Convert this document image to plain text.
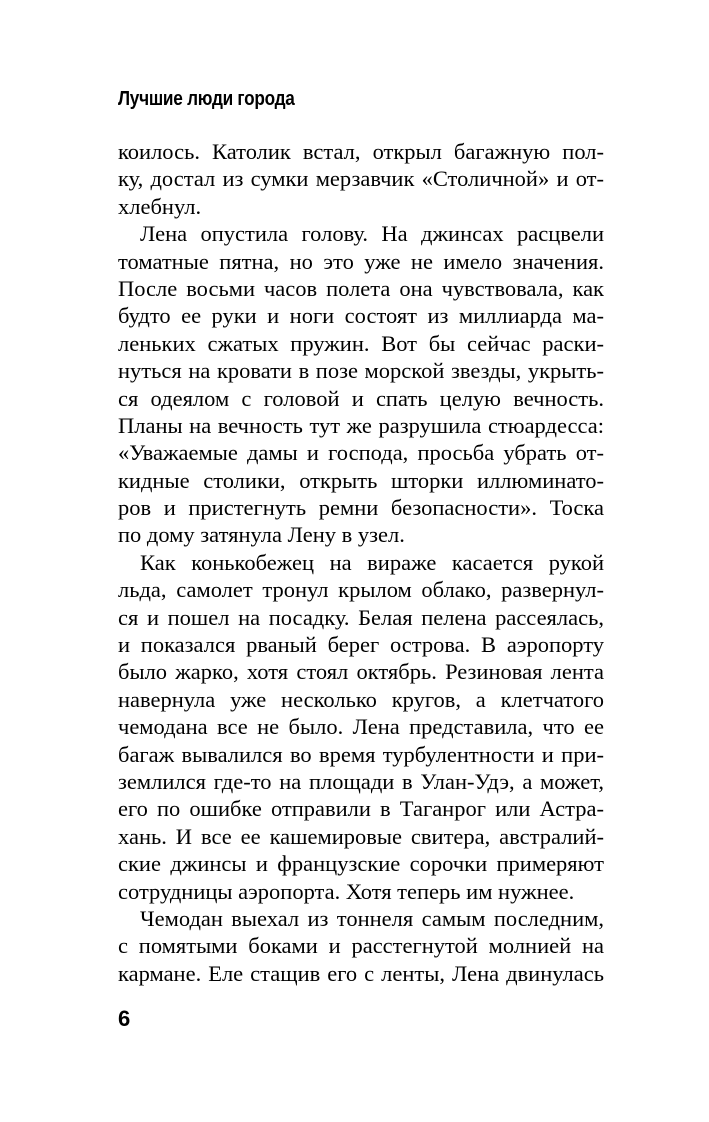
Лучшие люди города
коилось. Католик встал, открыл багажную пол-
ку, достал из сумки мерзавчик «Столичной» и от-
хлебнул.
Лена опустила голову. На джинсах расцвели
томатные пятна, но это уже не имело значения.
После восьми часов полета она чувствовала, как
будто ее руки и ноги состоят из миллиарда ма-
леньких сжатых пружин. Вот бы сейчас раски-
нуться на кровати в позе морской звезды, укрыть-
ся одеялом с головой и спать целую вечность.
Планы на вечность тут же разрушила стюардесса:
«Уважаемые дамы и господа, просьба убрать от-
кидные столики, открыть шторки иллюминато-
ров и пристегнуть ремни безопасности». Тоска
по дому затянула Лену в узел.
Как конькобежец на вираже касается рукой
льда, самолет тронул крылом облако, развернул-
ся и пошел на посадку. Белая пелена рассеялась,
и показался рваный берег острова. В аэропорту
было жарко, хотя стоял октябрь. Резиновая лента
навернула уже несколько кругов, а клетчатого
чемодана все не было. Лена представила, что ее
багаж вывалился во время турбулентности и при-
землился где-то на площади в Улан-Удэ, а может,
его по ошибке отправили в Таганрог или Астра-
хань. И все ее кашемировые свитера, австралий-
ские джинсы и французские сорочки примеряют
сотрудницы аэропорта. Хотя теперь им нужнее.
Чемодан выехал из тоннеля самым последним,
с помятыми боками и расстегнутой молнией на
кармане. Еле стащив его с ленты, Лена двинулась
6
